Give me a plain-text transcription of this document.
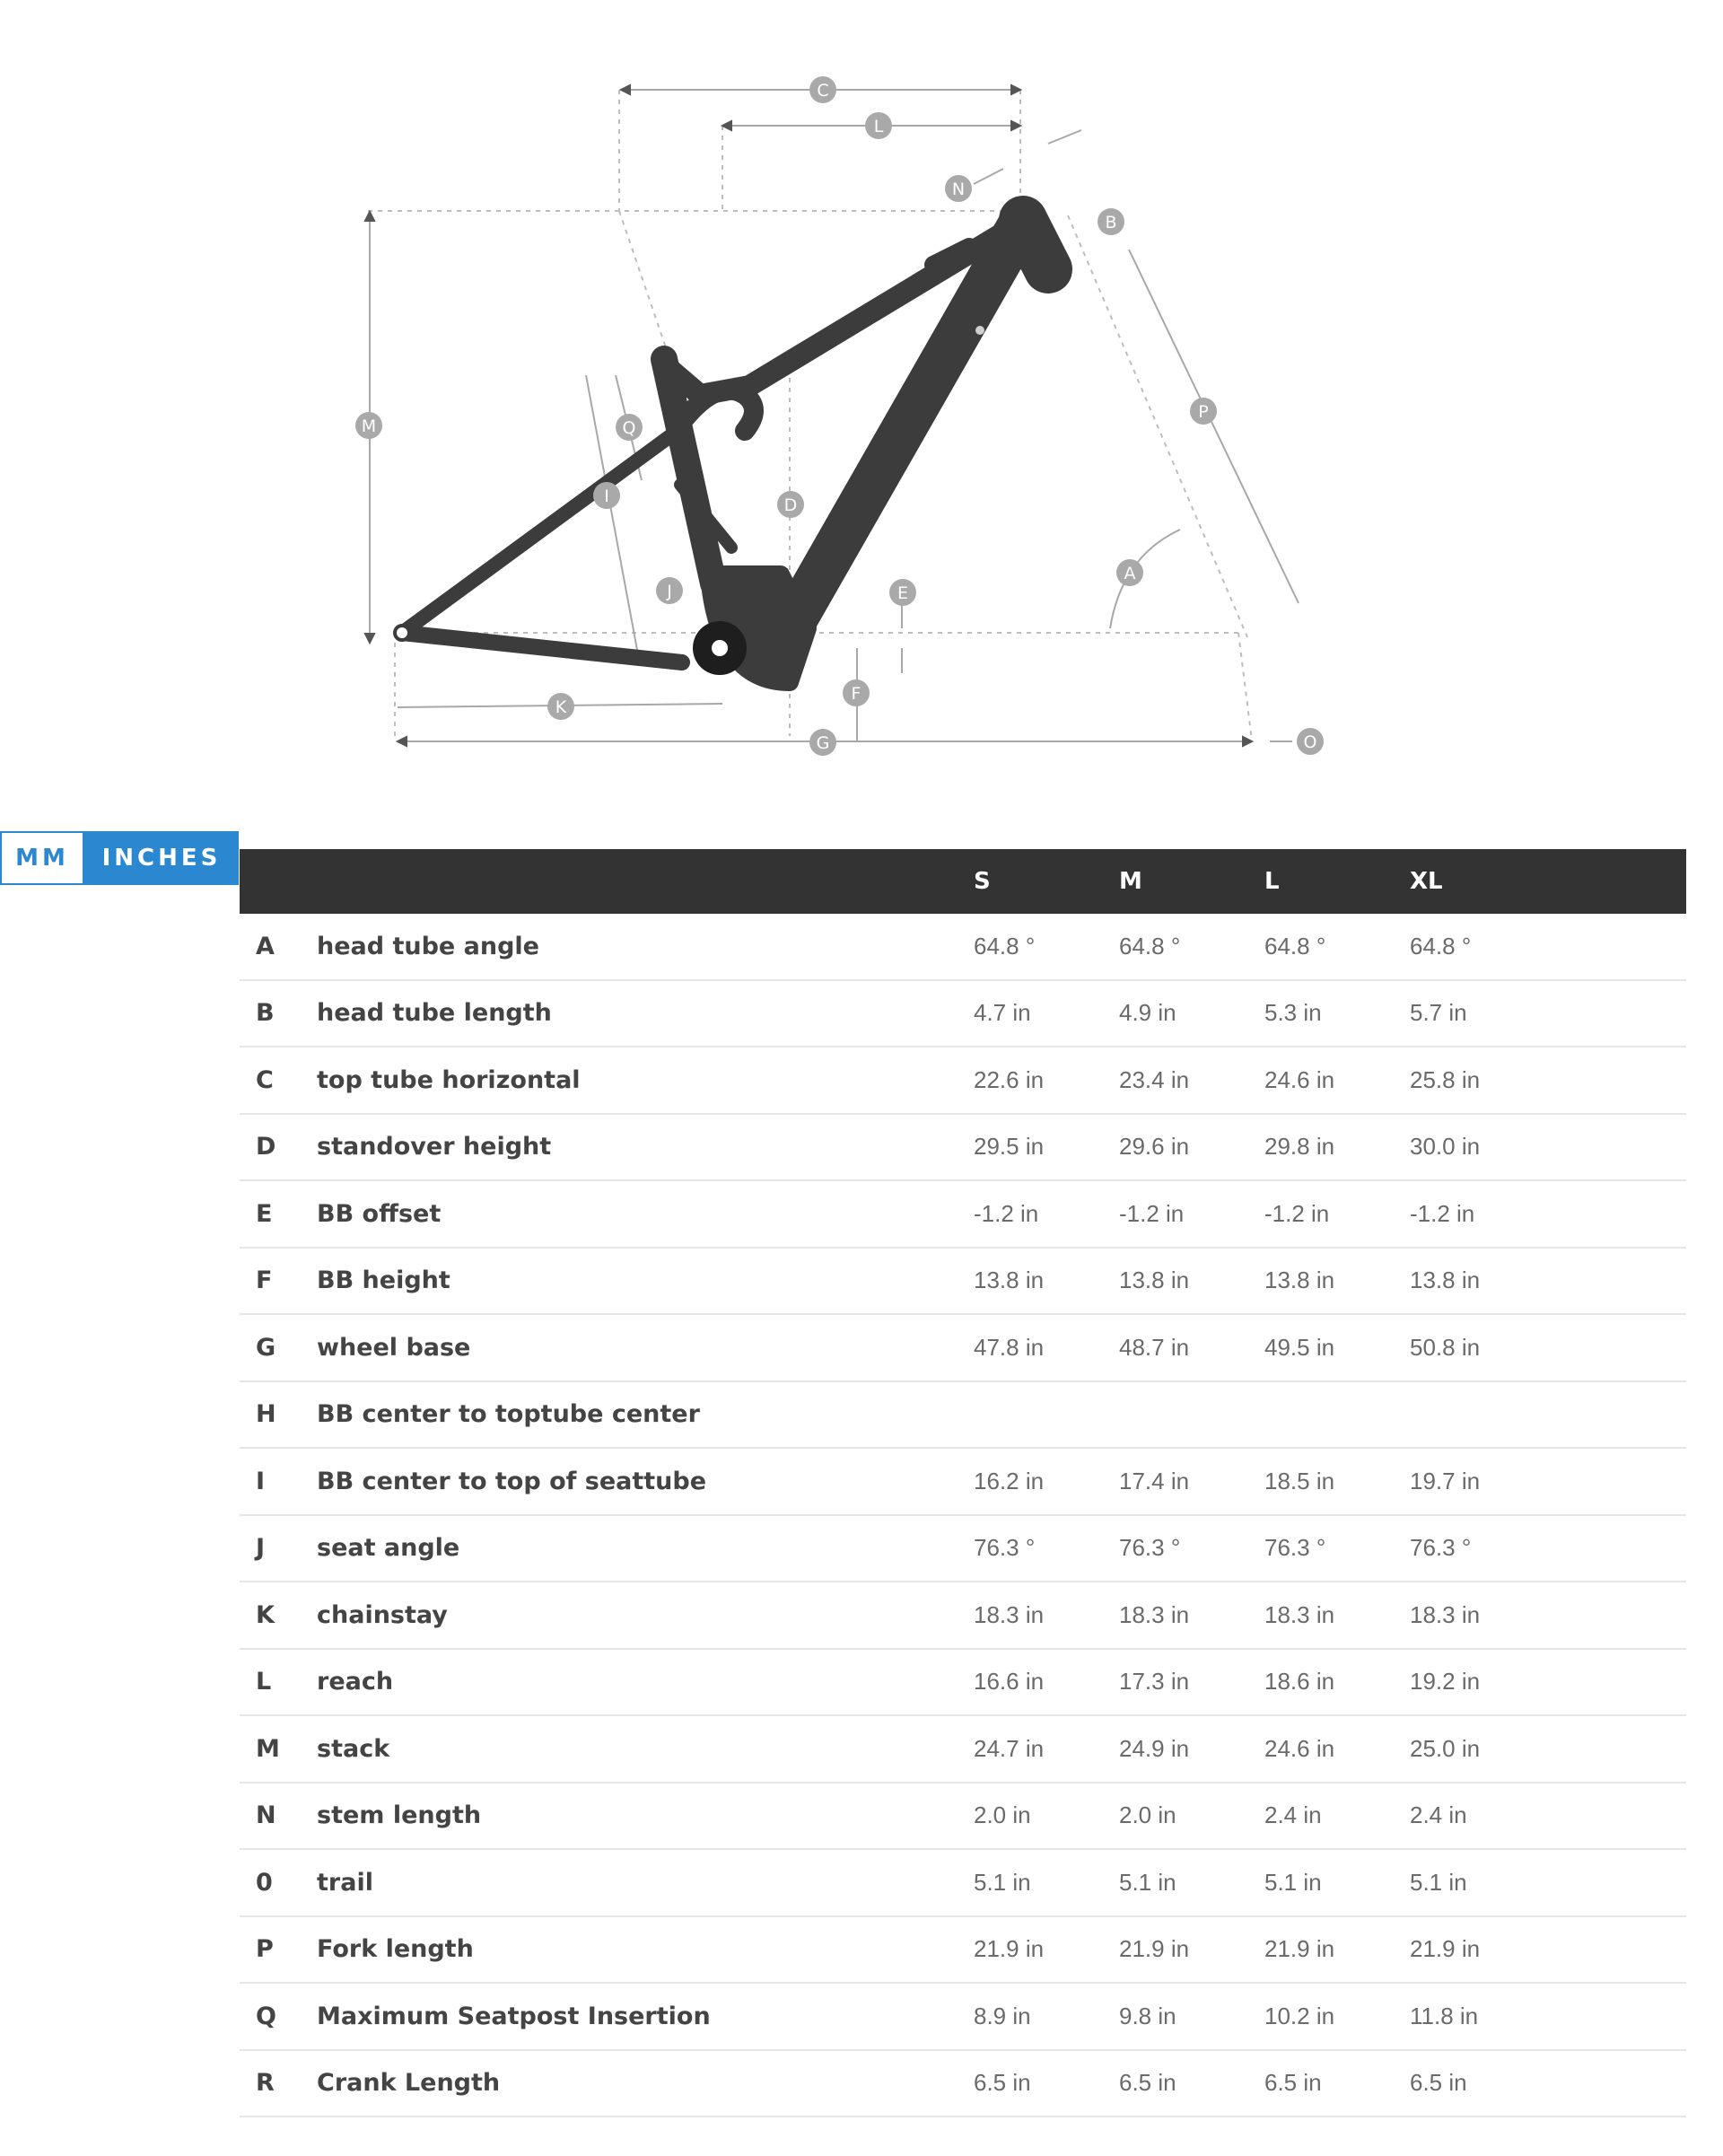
C
L
N
B
M	Q
P
I	D
A
J	E
F
K
G	O
MM	INCHES
S	M	L	XL
A	head tube angle	64.8 °	64.8 °	64.8 °	64.8 °
B	head tube length	4.7 in	4.9 in	5.3 in	5.7 in
C	top tube horizontal	22.6 in	23.4 in	24.6 in	25.8 in
D	standover height	29.5 in	29.6 in	29.8 in	30.0 in
E	BB offset	-1.2 in	-1.2 in	-1.2 in	-1.2 in
F	BB height	13.8 in	13.8 in	13.8 in	13.8 in
G	wheel base	47.8 in	48.7 in	49.5 in	50.8 in
H	BB center to toptube center
I	BB center to top of seattube	16.2 in	17.4 in	18.5 in	19.7 in
J	seat angle	76.3 °	76.3 °	76.3 °	76.3 °
K	chainstay	18.3 in	18.3 in	18.3 in	18.3 in
L	reach	16.6 in	17.3 in	18.6 in	19.2 in
M	stack	24.7 in	24.9 in	24.6 in	25.0 in
N	stem length	2.0 in	2.0 in	2.4 in	2.4 in
0	trail	5.1 in	5.1 in	5.1 in	5.1 in
P	Fork length	21.9 in	21.9 in	21.9 in	21.9 in
Q	Maximum Seatpost Insertion	8.9 in	9.8 in	10.2 in	11.8 in
R	Crank Length	6.5 in	6.5 in	6.5 in	6.5 in
